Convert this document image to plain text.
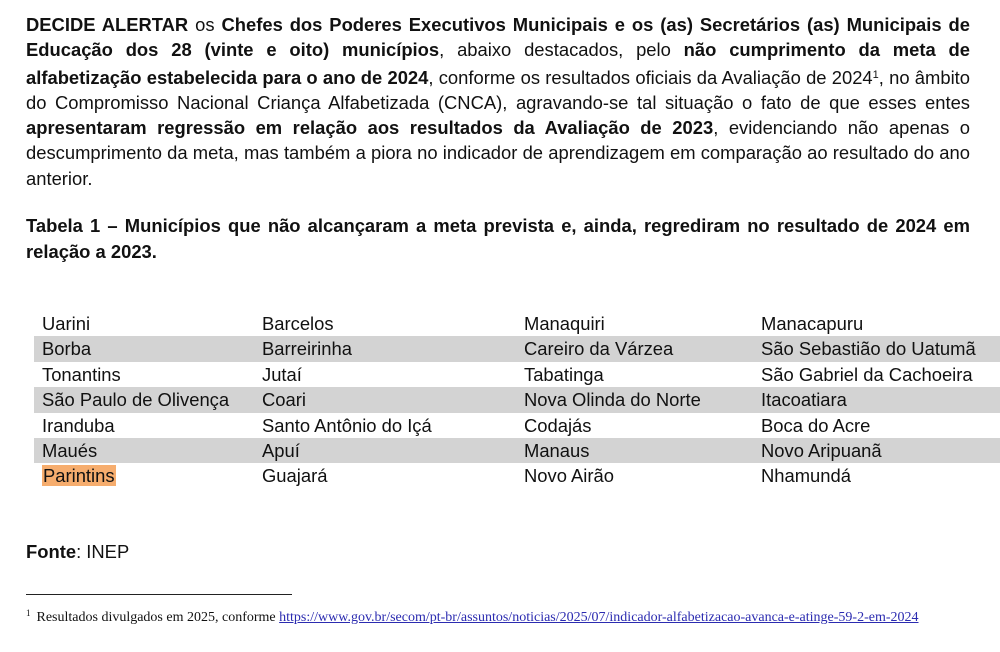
DECIDE ALERTAR os Chefes dos Poderes Executivos Municipais e os (as) Secretários (as) Municipais de Educação dos 28 (vinte e oito) municípios, abaixo destacados, pelo não cumprimento da meta de alfabetização estabelecida para o ano de 2024, conforme os resultados oficiais da Avaliação de 2024$^1$, no âmbito do Compromisso Nacional Criança Alfabetizada (CNCA), agravando-se tal situação o fato de que esses entes apresentaram regressão em relação aos resultados da Avaliação de 2023, evidenciando não apenas o descumprimento da meta, mas também a piora no indicador de aprendizagem em comparação ao resultado do ano anterior.

Tabela 1 – Municípios que não alcançaram a meta prevista e, ainda, regrediram no resultado de 2024 em relação a 2023.

Uarini	Barcelos	Manaquiri	Manacapuru
Borba	Barreirinha	Careiro da Várzea	São Sebastião do Uatumã
Tonantins	Jutaí	Tabatinga	São Gabriel da Cachoeira
São Paulo de Olivença	Coari	Nova Olinda do Norte	Itacoatiara
Iranduba	Santo Antônio do Içá	Codajás	Boca do Acre
Maués	Apuí	Manaus	Novo Aripuanã
Parintins	Guajará	Novo Airão	Nhamundá
Fonte: INEP
$^1$ Resultados divulgados em 2025, conforme https://www.gov.br/secom/pt-br/assuntos/noticias/2025/07/indicador-alfabetizacao-avanca-e-atinge-59-2-em-2024
